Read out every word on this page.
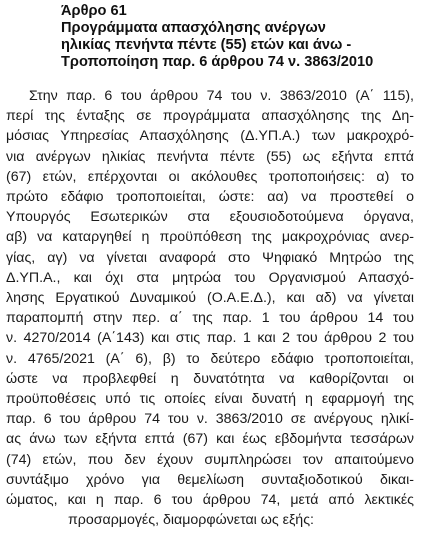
Άρθρο 61
Προγράμματα απασχόλησης ανέργων
ηλικίας πενήντα πέντε (55) ετών και άνω -
Τροποποίηση παρ. 6 άρθρου 74 ν. 3863/2010
Στην παρ. 6 του άρθρου 74 του ν. 3863/2010 (Α΄ 115),
περί της ένταξης σε προγράμματα απασχόλησης της Δη-
μόσιας Υπηρεσίας Απασχόλησης (Δ.ΥΠ.Α.) των μακροχρό-
νια ανέργων ηλικίας πενήντα πέντε (55) ως εξήντα επτά
(67) ετών, επέρχονται οι ακόλουθες τροποποιήσεις: α) το
πρώτο εδάφιο τροποποιείται, ώστε: αα) να προστεθεί ο
Υπουργός Εσωτερικών στα εξουσιοδοτούμενα όργανα,
αβ) να καταργηθεί η προϋπόθεση της μακροχρόνιας ανερ-
γίας, αγ) να γίνεται αναφορά στο Ψηφιακό Μητρώο της
Δ.ΥΠ.Α., και όχι στα μητρώα του Οργανισμού Απασχό-
λησης Εργατικού Δυναμικού (Ο.Α.Ε.Δ.), και αδ) να γίνεται
παραπομπή στην περ. α΄ της παρ. 1 του άρθρου 14 του
ν. 4270/2014 (Α΄143) και στις παρ. 1 και 2 του άρθρου 2 του
ν. 4765/2021 (Α΄ 6), β) το δεύτερο εδάφιο τροποποιείται,
ώστε να προβλεφθεί η δυνατότητα να καθορίζονται οι
προϋποθέσεις υπό τις οποίες είναι δυνατή η εφαρμογή της
παρ. 6 του άρθρου 74 του ν. 3863/2010 σε ανέργους ηλικί-
ας άνω των εξήντα επτά (67) και έως εβδομήντα τεσσάρων
(74) ετών, που δεν έχουν συμπληρώσει τον απαιτούμενο
συντάξιμο χρόνο για θεμελίωση συνταξιοδοτικού δικαι-
ώματος, και η παρ. 6 του άρθρου 74, μετά από λεκτικές
προσαρμογές, διαμορφώνεται ως εξής:
